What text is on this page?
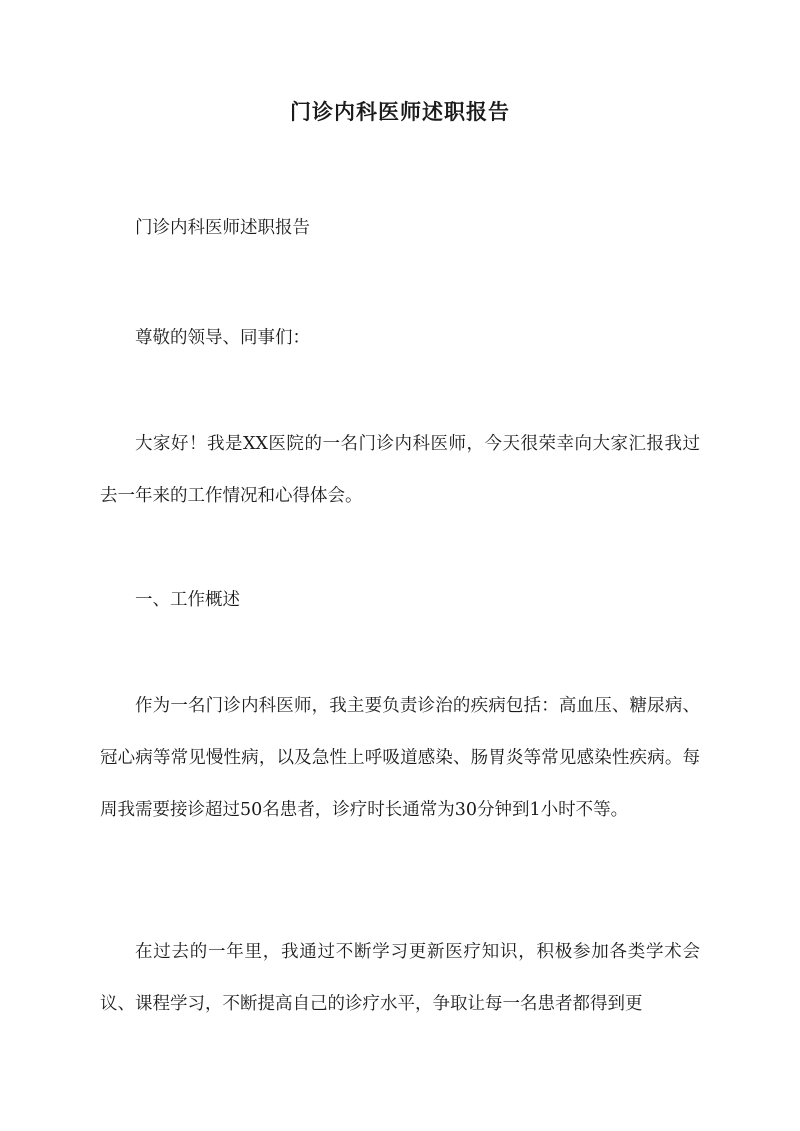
门诊内科医师述职报告

门诊内科医师述职报告

尊敬的领导、同事们：

大家好！我是XX医院的一名门诊内科医师，今天很荣幸向大家汇报我过去一年来的工作情况和心得体会。

一、工作概述

作为一名门诊内科医师，我主要负责诊治的疾病包括：高血压、糖尿病、冠心病等常见慢性病，以及急性上呼吸道感染、肠胃炎等常见感染性疾病。每周我需要接诊超过50名患者，诊疗时长通常为30分钟到1小时不等。

在过去的一年里，我通过不断学习更新医疗知识，积极参加各类学术会议、课程学习，不断提高自己的诊疗水平，争取让每一名患者都得到更
